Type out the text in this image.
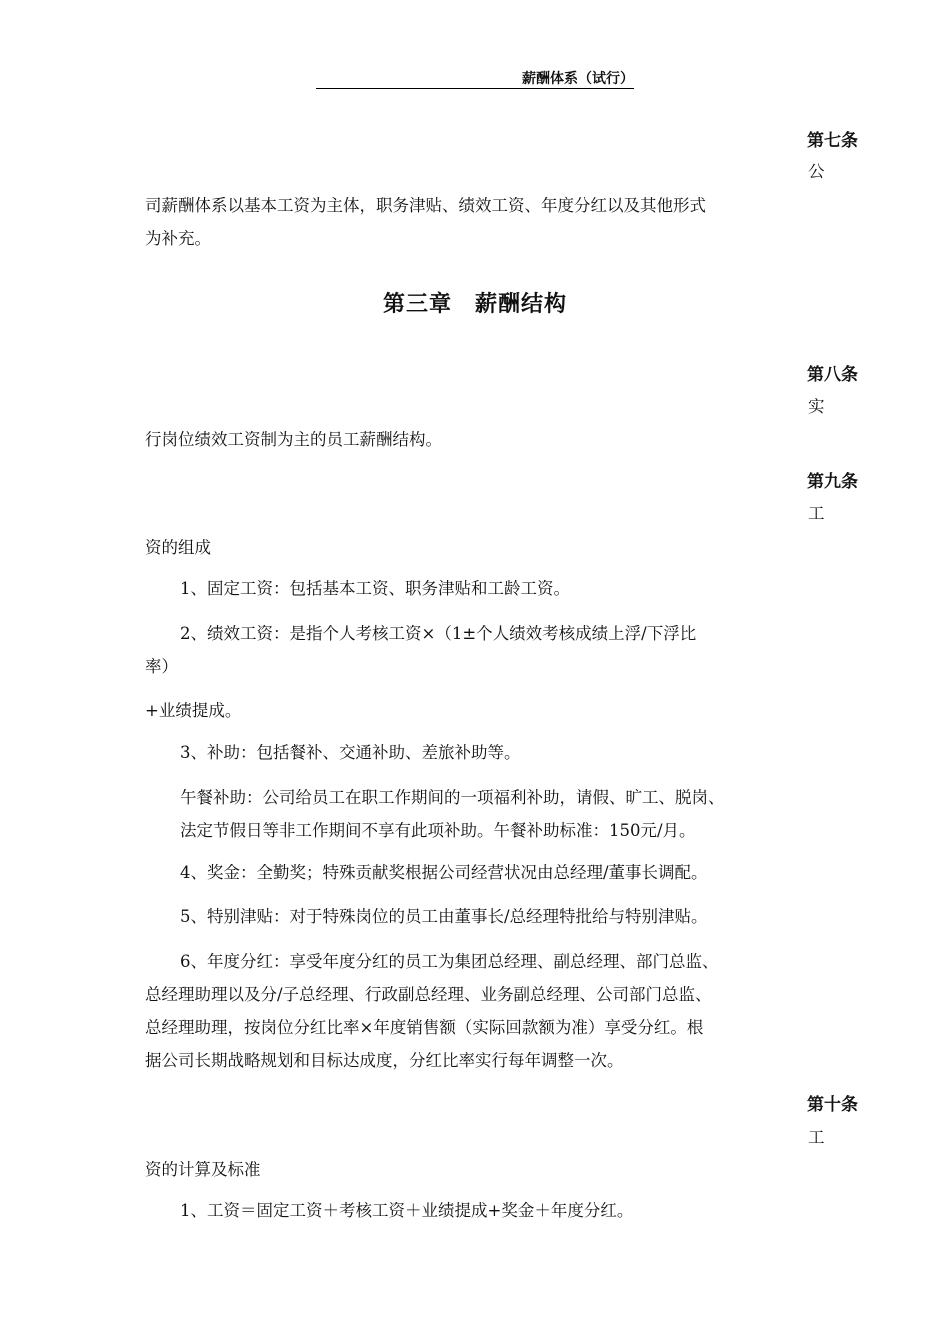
薪酬体系（试行）
第七条
公
司薪酬体系以基本工资为主体，职务津贴、绩效工资、年度分红以及其他形式
为补充。
第三章　薪酬结构
第八条
实
行岗位绩效工资制为主的员工薪酬结构。
第九条
工
资的组成
1、固定工资：包括基本工资、职务津贴和工龄工资。
2、绩效工资：是指个人考核工资×（1±个人绩效考核成绩上浮/下浮比
率）
+业绩提成。
3、补助：包括餐补、交通补助、差旅补助等。
午餐补助：公司给员工在职工作期间的一项福利补助，请假、旷工、脱岗、
法定节假日等非工作期间不享有此项补助。午餐补助标准：150元/月。
4、奖金：全勤奖；特殊贡献奖根据公司经营状况由总经理/董事长调配。
5、特别津贴：对于特殊岗位的员工由董事长/总经理特批给与特别津贴。
6、年度分红：享受年度分红的员工为集团总经理、副总经理、部门总监、
总经理助理以及分/子总经理、行政副总经理、业务副总经理、公司部门总监、
总经理助理，按岗位分红比率×年度销售额（实际回款额为准）享受分红。根
据公司长期战略规划和目标达成度，分红比率实行每年调整一次。
第十条
工
资的计算及标准
1、工资＝固定工资＋考核工资＋业绩提成+奖金＋年度分红。
